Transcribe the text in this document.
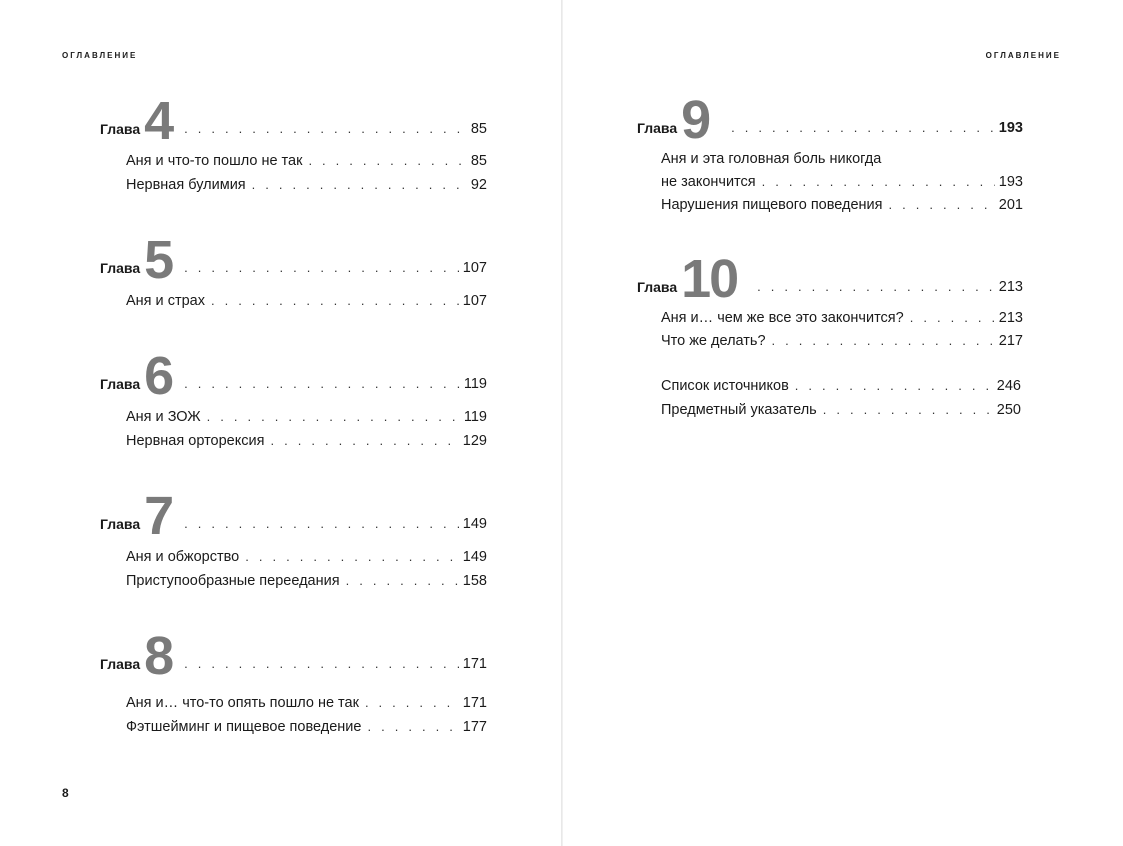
ОГЛАВЛЕНИЕ
Глава 4 . . .	85
Аня и что-то пошло не так . . .	85
Нервная булимия . . .	92
Глава 5 . . .	107
Аня и страх . . .	107
Глава 6 . . .	119
Аня и ЗОЖ . . .	119
Нервная орторексия . . .	129
Глава 7 . . .	149
Аня и обжорство . . .	149
Приступообразные переедания . . .	158
Глава 8 . . .	171
Аня и… что-то опять пошло не так . . .	171
Фэтшейминг и пищевое поведение . . .	177
8
ОГЛАВЛЕНИЕ
Глава 9 . . .	193
Аня и эта головная боль никогда
не закончится . . .	193
Нарушения пищевого поведения . . .	201
Глава 10 . . .	213
Аня и… чем же все это закончится? . . .	213
Что же делать? . . .	217
Список источников . . .	246
Предметный указатель . . .	250
